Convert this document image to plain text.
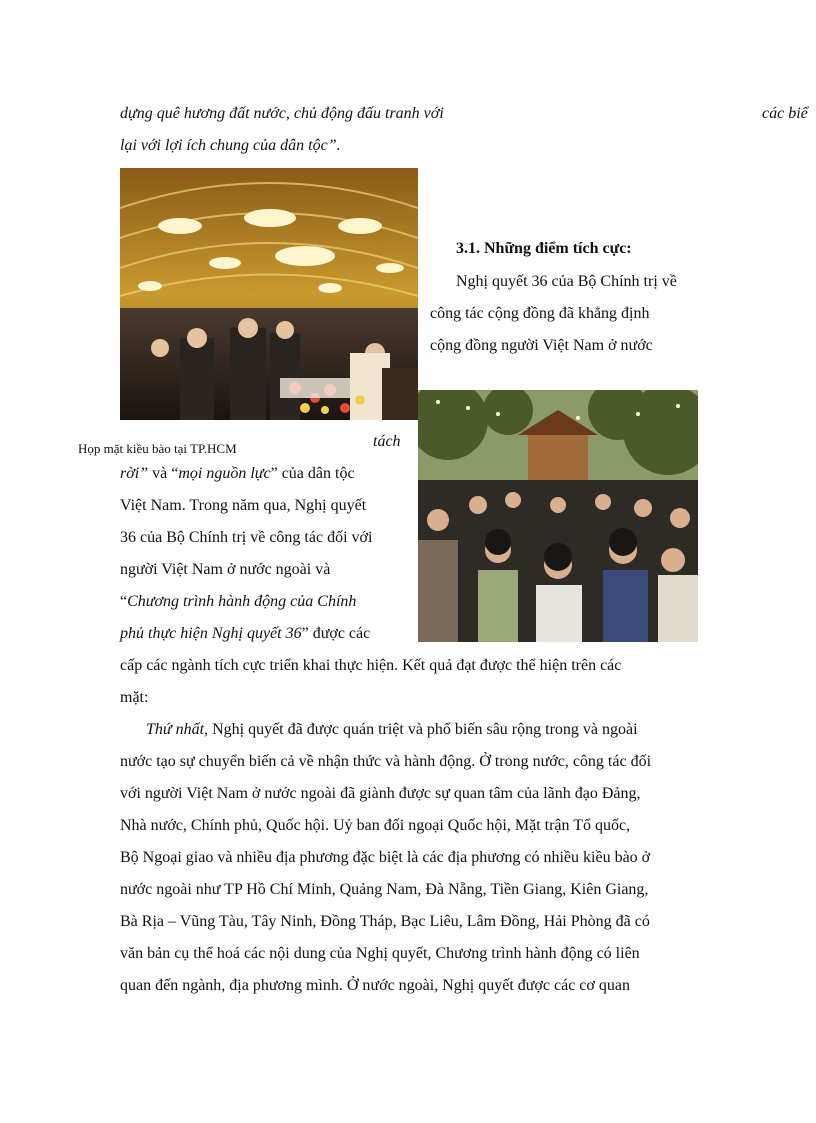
dựng quê hương đất nước, chủ động đấu tranh với	các biể
lại với lợi ích chung của dân tộc”.
Họp mặt kiều bào tại TP.HCM
3.1. Những điểm tích cực:
Nghị quyết 36 của Bộ Chính trị về
công tác cộng đồng đã khẳng định
cộng đồng người Việt Nam ở nước
tách
rời” và “mọi nguồn lực” của dân tộc
Việt Nam. Trong năm qua, Nghị quyết
36 của Bộ Chính trị về công tác đối với
người Việt Nam ở nước ngoài và
“Chương trình hành động của Chính
phủ thực hiện Nghị quyết 36” được các
cấp các ngành tích cực triển khai thực hiện. Kết quả đạt được thể hiện trên các
mặt:
Thứ nhất, Nghị quyết đã được quán triệt và phổ biến sâu rộng trong và ngoài
nước tạo sự chuyển biến cả về nhận thức và hành động. Ở trong nước, công tác đối
với người Việt Nam ở nước ngoài đã giành được sự quan tâm của lãnh đạo Đảng,
Nhà nước, Chính phủ, Quốc hội. Uỷ ban đối ngoại Quốc hội, Mặt trận Tổ quốc,
Bộ Ngoại giao và nhiều địa phương đặc biệt là các địa phương có nhiều kiều bào ở
nước ngoài như TP Hồ Chí Minh, Quảng Nam, Đà Nẵng, Tiền Giang, Kiên Giang,
Bà Rịa – Vũng Tàu, Tây Ninh, Đồng Tháp, Bạc Liêu, Lâm Đồng, Hải Phòng đã có
văn bản cụ thể hoá các nội dung của Nghị quyết, Chương trình hành động có liên
quan đến ngành, địa phương mình. Ở nước ngoài, Nghị quyết được các cơ quan
